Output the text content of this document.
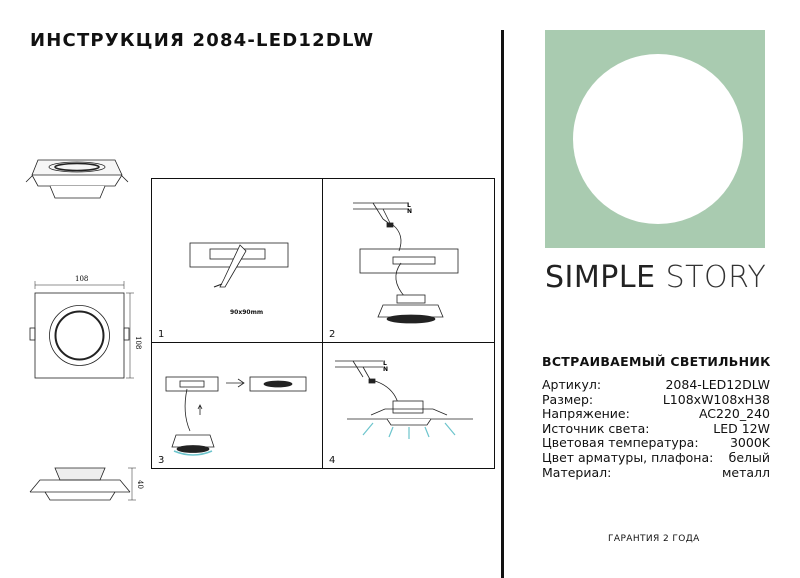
ИНСТРУКЦИЯ 2084-LED12DLW
108
108
40
90x90mm
1
L
N
2
3
L
N
4
SIMPLE STORY
ВСТРАИВАЕМЫЙ СВЕТИЛЬНИК
Артикул:	2084-LED12DLW
Размер:	L108хW108хH38
Напряжение:	AC220_240
Источник света:	LED 12W
Цветовая температура:	3000K
Цвет арматуры, плафона: белый
Материал:	металл
ГАРАНТИЯ 2 ГОДА
